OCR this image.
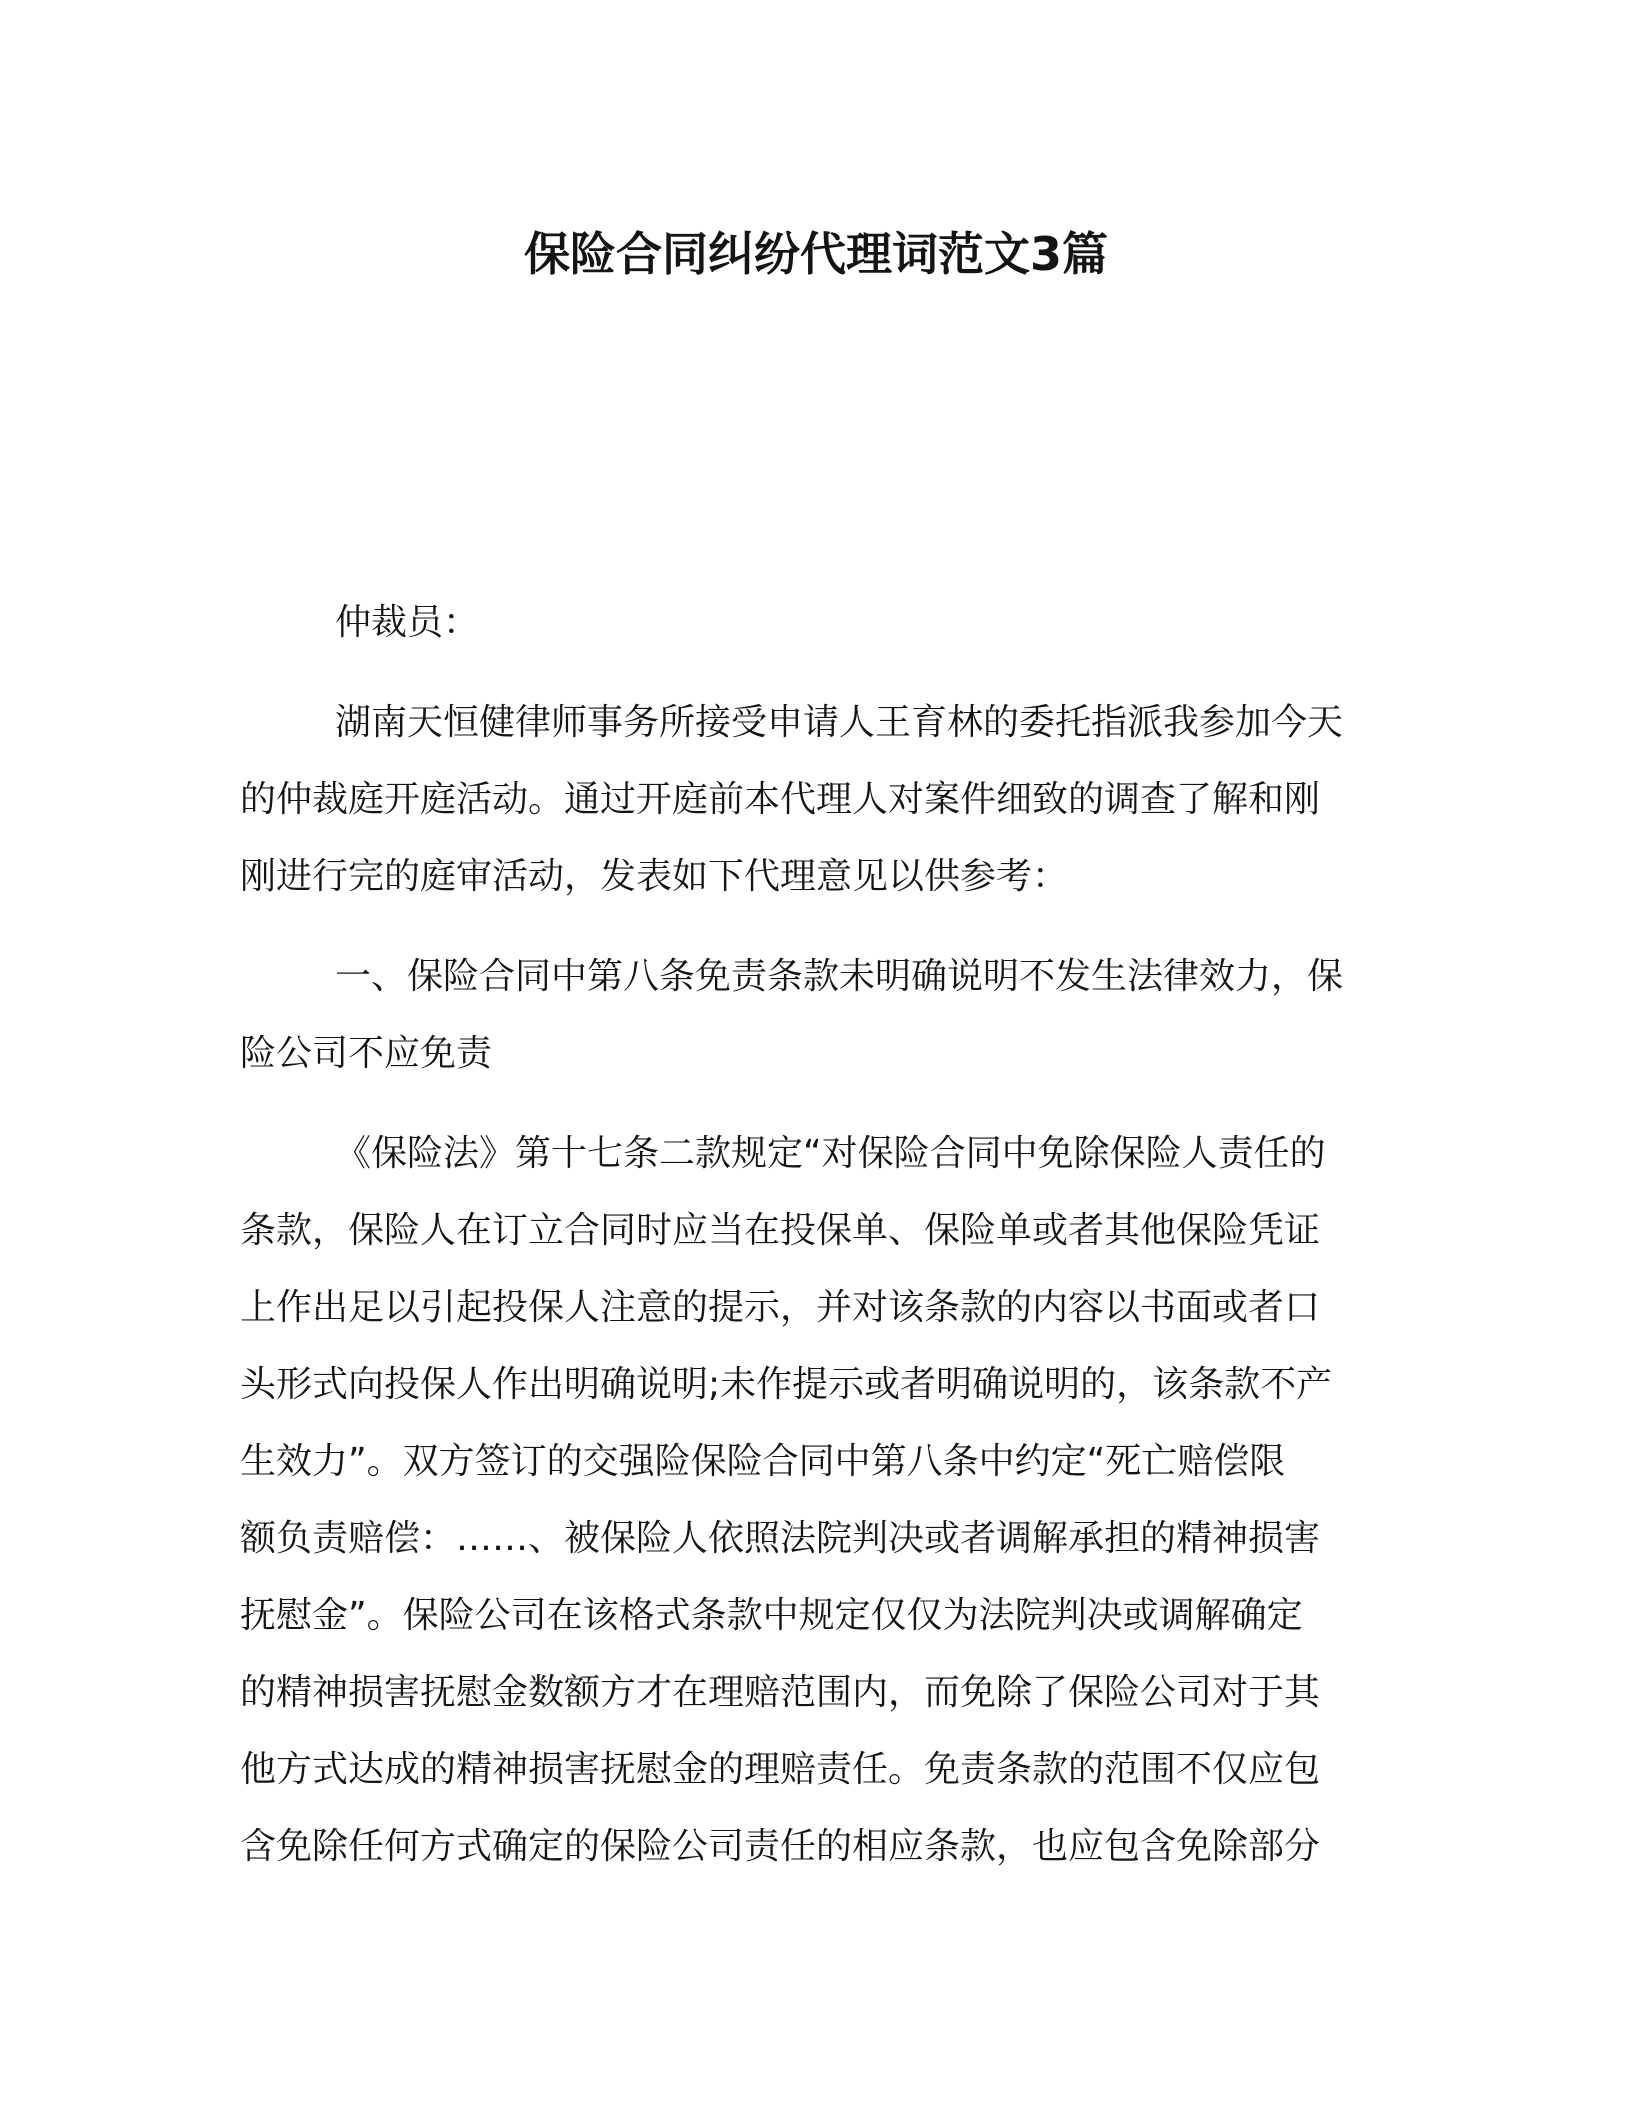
保险合同纠纷代理词范文3篇

仲裁员：

湖南天恒健律师事务所接受申请人王育林的委托指派我参加今天

的仲裁庭开庭活动。通过开庭前本代理人对案件细致的调查了解和刚

刚进行完的庭审活动，发表如下代理意见以供参考：

一、保险合同中第八条免责条款未明确说明不发生法律效力，保

险公司不应免责

《保险法》第十七条二款规定“对保险合同中免除保险人责任的

条款，保险人在订立合同时应当在投保单、保险单或者其他保险凭证

上作出足以引起投保人注意的提示，并对该条款的内容以书面或者口

头形式向投保人作出明确说明;未作提示或者明确说明的，该条款不产

生效力”。双方签订的交强险保险合同中第八条中约定“死亡赔偿限

额负责赔偿：……、被保险人依照法院判决或者调解承担的精神损害

抚慰金”。保险公司在该格式条款中规定仅仅为法院判决或调解确定

的精神损害抚慰金数额方才在理赔范围内，而免除了保险公司对于其

他方式达成的精神损害抚慰金的理赔责任。免责条款的范围不仅应包

含免除任何方式确定的保险公司责任的相应条款，也应包含免除部分
